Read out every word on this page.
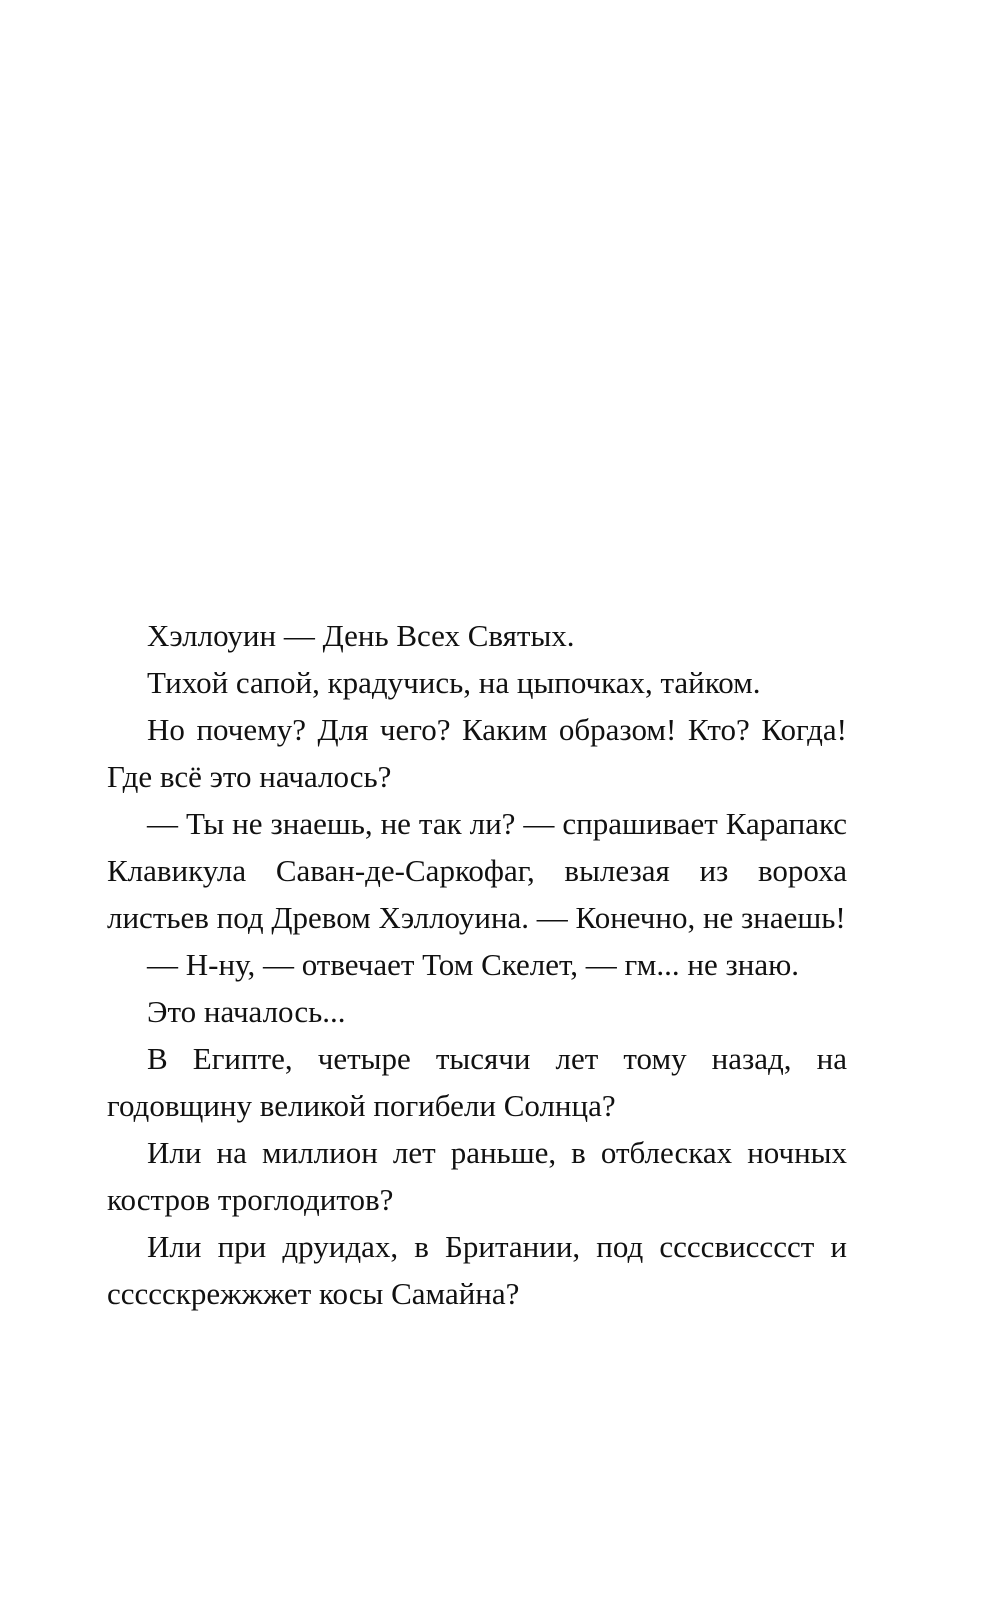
Хэллоуин — День Всех Святых.

Тихой сапой, крадучись, на цыпочках, тайком.

Но почему? Для чего? Каким образом! Кто? Когда! Где всё это началось?

— Ты не знаешь, не так ли? — спрашивает Карапакс Клавикула Саван-де-Саркофаг, вылезая из вороха листьев под Древом Хэллоуина. — Конечно, не знаешь!

— Н-ну, — отвечает Том Скелет, — гм... не знаю.

Это началось...

В Египте, четыре тысячи лет тому назад, на годовщину великой погибели Солнца?

Или на миллион лет раньше, в отблесках ночных костров троглодитов?

Или при друидах, в Британии, под ссссвисссст и ссссскрежжжет косы Самайна?
